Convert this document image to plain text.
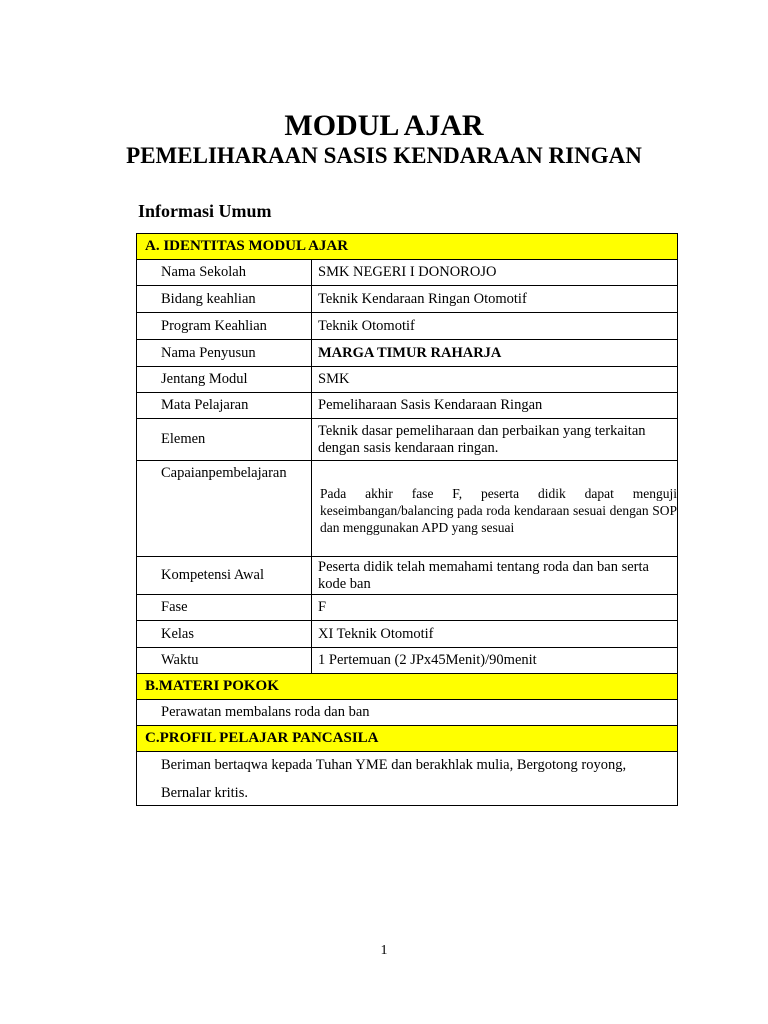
MODUL AJAR
PEMELIHARAAN SASIS KENDARAAN RINGAN
Informasi Umum
A. IDENTITAS MODUL AJAR	
Nama Sekolah	SMK NEGERI I DONOROJO
Bidang keahlian	Teknik Kendaraan Ringan Otomotif
Program Keahlian	Teknik Otomotif
Nama Penyusun	MARGA TIMUR RAHARJA
Jentang Modul	SMK
Mata Pelajaran	Pemeliharaan Sasis Kendaraan Ringan
Elemen	Teknik dasar pemeliharaan dan perbaikan yang terkaitan dengan sasis kendaraan ringan.
Capaianpembelajaran	Pada akhir fase F, peserta didik dapat menguji keseimbangan/balancing pada roda kendaraan sesuai dengan SOP dan menggunakan APD yang sesuai
Kompetensi Awal	Peserta didik telah memahami tentang roda dan ban serta kode ban
Fase	F
Kelas	XI Teknik Otomotif
Waktu	1 Pertemuan (2 JPx45Menit)/90menit
B.MATERI POKOK	
Perawatan membalans roda dan ban	
C.PROFIL PELAJAR PANCASILA	

Beriman bertaqwa kepada Tuhan YME dan berakhlak mulia, Bergotong royong,
Bernalar kritis.	
1
